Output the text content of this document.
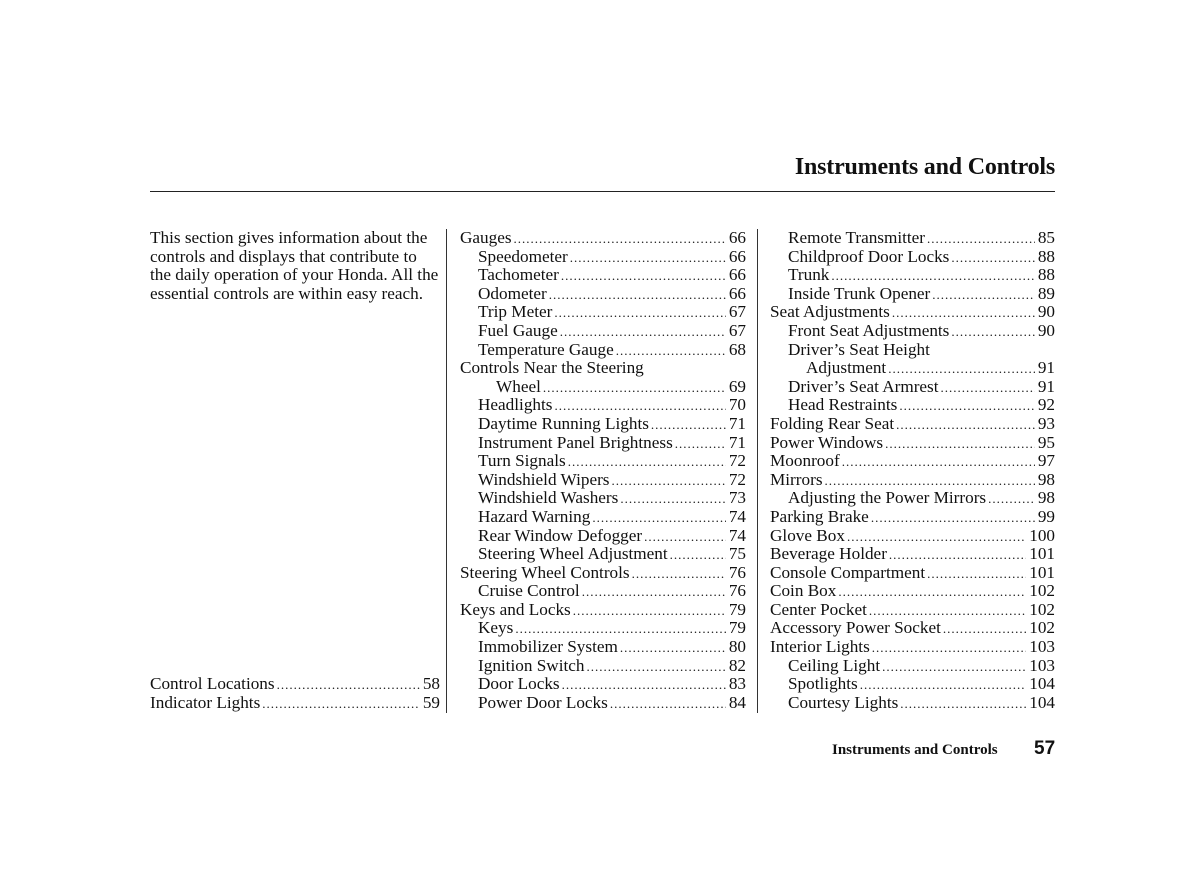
Instruments and Controls

This section gives information about the controls and displays that contribute to the daily operation of your Honda. All the essential controls are within easy reach.

Control Locations .....	58
Indicator Lights .....	59
Gauges .....	66
Speedometer .....	66
Tachometer .....	66
Odometer .....	66
Trip Meter .....	67
Fuel Gauge .....	67
Temperature Gauge .....	68
Controls Near the Steering
Wheel .....	69
Headlights .....	70
Daytime Running Lights .....	71
Instrument Panel Brightness .....	71
Turn Signals .....	72
Windshield Wipers .....	72
Windshield Washers .....	73
Hazard Warning .....	74
Rear Window Defogger .....	74
Steering Wheel Adjustment .....	75
Steering Wheel Controls .....	76
Cruise Control .....	76
Keys and Locks .....	79
Keys .....	79
Immobilizer System .....	80
Ignition Switch .....	82
Door Locks .....	83
Power Door Locks .....	84
Remote Transmitter .....	85
Childproof Door Locks .....	88
Trunk .....	88
Inside Trunk Opener .....	89
Seat Adjustments .....	90
Front Seat Adjustments .....	90
Driver’s Seat Height
Adjustment .....	91
Driver’s Seat Armrest .....	91
Head Restraints .....	92
Folding Rear Seat .....	93
Power Windows .....	95
Moonroof .....	97
Mirrors .....	98
Adjusting the Power Mirrors .....	98
Parking Brake .....	99
Glove Box .....	100
Beverage Holder .....	101
Console Compartment .....	101
Coin Box .....	102
Center Pocket .....	102
Accessory Power Socket .....	102
Interior Lights .....	103
Ceiling Light .....	103
Spotlights .....	104
Courtesy Lights .....	104
Instruments and Controls 57
